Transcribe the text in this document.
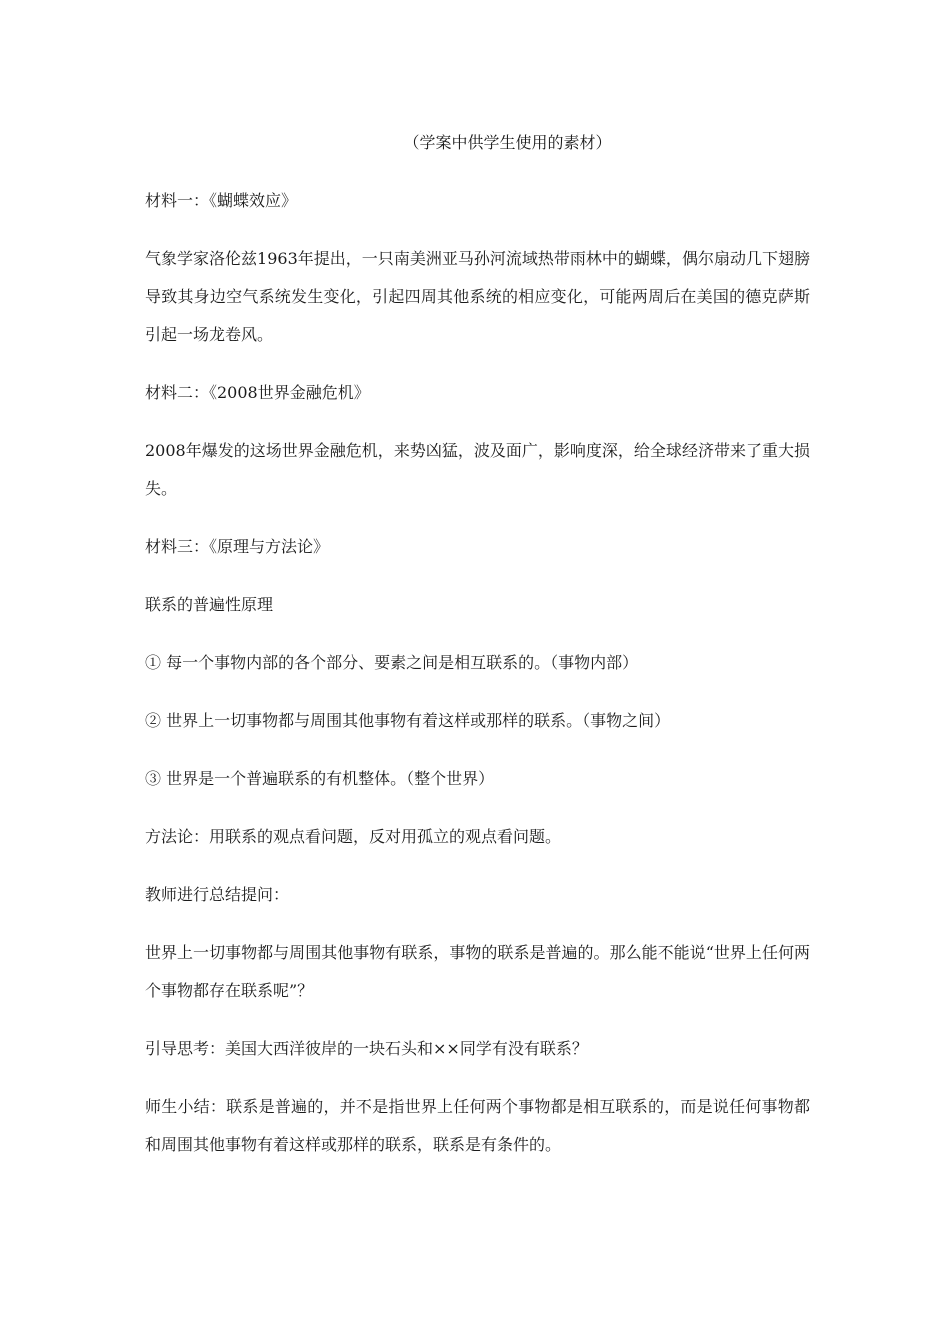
（学案中供学生使用的素材）

材料一：《蝴蝶效应》

气象学家洛伦兹1963年提出，一只南美洲亚马孙河流域热带雨林中的蝴蝶，偶尔扇动几下翅膀导致其身边空气系统发生变化，引起四周其他系统的相应变化，可能两周后在美国的德克萨斯引起一场龙卷风。

材料二：《2008世界金融危机》

2008年爆发的这场世界金融危机，来势凶猛，波及面广，影响度深，给全球经济带来了重大损失。

材料三：《原理与方法论》

联系的普遍性原理

① 每一个事物内部的各个部分、要素之间是相互联系的。（事物内部）

② 世界上一切事物都与周围其他事物有着这样或那样的联系。（事物之间）

③ 世界是一个普遍联系的有机整体。（整个世界）

方法论：用联系的观点看问题，反对用孤立的观点看问题。

教师进行总结提问：

世界上一切事物都与周围其他事物有联系，事物的联系是普遍的。那么能不能说“世界上任何两个事物都存在联系呢”？

引导思考：美国大西洋彼岸的一块石头和××同学有没有联系？

师生小结：联系是普遍的，并不是指世界上任何两个事物都是相互联系的，而是说任何事物都和周围其他事物有着这样或那样的联系，联系是有条件的。
